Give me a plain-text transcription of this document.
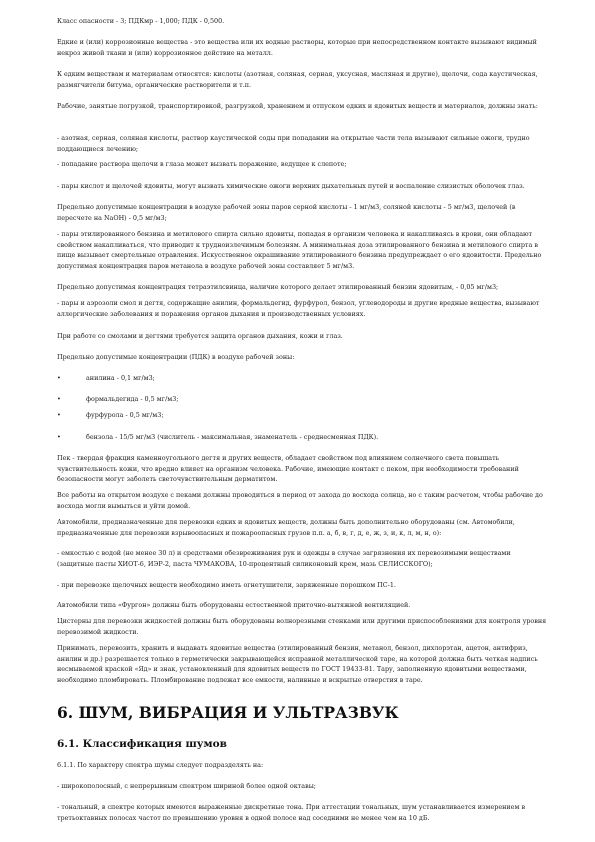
Класс опасности - 3; ПДКмр - 1,000; ПДК - 0,500.

Едкие и (или) коррозионные вещества - это вещества или их водные растворы, которые при непосредственном контакте вызывают видимый некроз живой ткани и (или) коррозионное действие на металл.

К едким веществам и материалам относятся: кислоты (азотная, соляная, серная, уксусная, масляная и другие), щелочи, сода каустическая, размягчители битума, органические растворители и т.п.

Рабочие, занятые погрузкой, транспортировкой, разгрузкой, хранением и отпуском едких и ядовитых веществ и материалов, должны знать:

- азотная, серная, соляная кислоты, раствор каустической соды при попадании на открытые части тела вызывают сильные ожоги, трудно поддающиеся лечению;

- попадание раствора щелочи в глаза может вызвать поражение, ведущее к слепоте;

- пары кислот и щелочей ядовиты, могут вызвать химические ожоги верхних дыхательных путей и воспаление слизистых оболочек глаз.

Предельно допустимые концентрации в воздухе рабочей зоны паров серной кислоты - 1 мг/м3, соляной кислоты - 5 мг/м3, щелочей (в пересчете на NaOH) - 0,5 мг/м3;

- пары этилированного бензина и метилового спирта сильно ядовиты, попадая в организм человека и накапливаясь в крови, они обладают свойством накапливаться, что приводит к трудноизлечимым болезням. А минимальная доза этилированного бензина и метилового спирта в пище вызывает смертельные отравления. Искусственное окрашивание этилированного бензина предупреждает о его ядовитости. Предельно допустимая концентрация паров метанола в воздухе рабочей зоны составляет 5 мг/м3.

Предельно допустимая концентрация тетраэтилсвинца, наличие которого делает этилированный бензин ядовитым, - 0,05 мг/м3;

- пары и аэрозоли смол и дегтя, содержащие анилин, формальдегид, фурфурол, бензол, углеводороды и другие вредные вещества, вызывают аллергические заболевания и поражения органов дыхания и производственных условиях.

При работе со смолами и дегтями требуется защита органов дыхания, кожи и глаз.

Предельно допустимые концентрации (ПДК) в воздухе рабочей зоны:

•	анилина - 0,1 мг/м3;
•	формальдегида - 0,5 мг/м3;
•	фурфурола - 0,5 мг/м3;
•	бензола - 15/5 мг/м3 (числитель - максимальная, знаменатель - среднесменная ПДК).

Пек - твердая фракция каменноугольного дегтя и других веществ, обладает свойством под влиянием солнечного света повышать чувствительность кожи, что вредно влияет на организм человека. Рабочие, имеющие контакт с пеком, при необходимости требований безопасности могут заболеть светочувствительным дерматитом.

Все работы на открытом воздухе с пеками должны проводиться в период от захода до восхода солнца, но с таким расчетом, чтобы рабочие до восхода могли вымыться и уйти домой.

Автомобили, предназначенные для перевозки едких и ядовитых веществ, должны быть дополнительно оборудованы (см. Автомобили, предназначенные для перевозки взрывоопасных и пожароопасных грузов п.п. а, б, в, г, д, е, ж, з, и, к, л, м, н, о):

- емкостью с водой (не менее 30 л) и средствами обезвреживания рук и одежды в случае загрязнения их перевозимыми веществами (защитные пасты ХИОТ-6, ИЭР-2, паста ЧУМАКОВА, 10-процентный силиконовый крем, мазь СЕЛИССКОГО);

- при перевозке щелочных веществ необходимо иметь огнетушители, заряженные порошком ПС-1.

Автомобили типа «Фургон» должны быть оборудованы естественной приточно-вытяжной вентиляцией.

Цистерны для перевозки жидкостей должны быть оборудованы волнорезными стенками или другими приспособлениями для контроля уровня перевозимой жидкости.

Принимать, перевозить, хранить и выдавать ядовитые вещества (этилированный бензин, метанол, бензол, дихлорэтан, ацетон, антифриз, анилин и др.) разрешается только в герметически закрывающейся исправной металлической таре, на которой должна быть четкая надпись несмываемой краской «Яд» и знак, установленный для ядовитых веществ по ГОСТ 19433-81. Тару, заполненную ядовитыми веществами, необходимо пломбировать. Пломбирование подлежат все емкости, наливные и вскрытые отверстия в таре.

6. ШУМ, ВИБРАЦИЯ И УЛЬТРАЗВУК
6.1. Классификация шумов

6.1.1. По характеру спектра шумы следует подразделять на:

- широкополосный, с непрерывным спектром шириной более одной октавы;

- тональный, в спектре которых имеются выраженные дискретные тона. При аттестации тональных, шум устанавливается измерением в третьоктавных полосах частот по превышению уровня в одной полосе над соседними не менее чем на 10 дБ.
